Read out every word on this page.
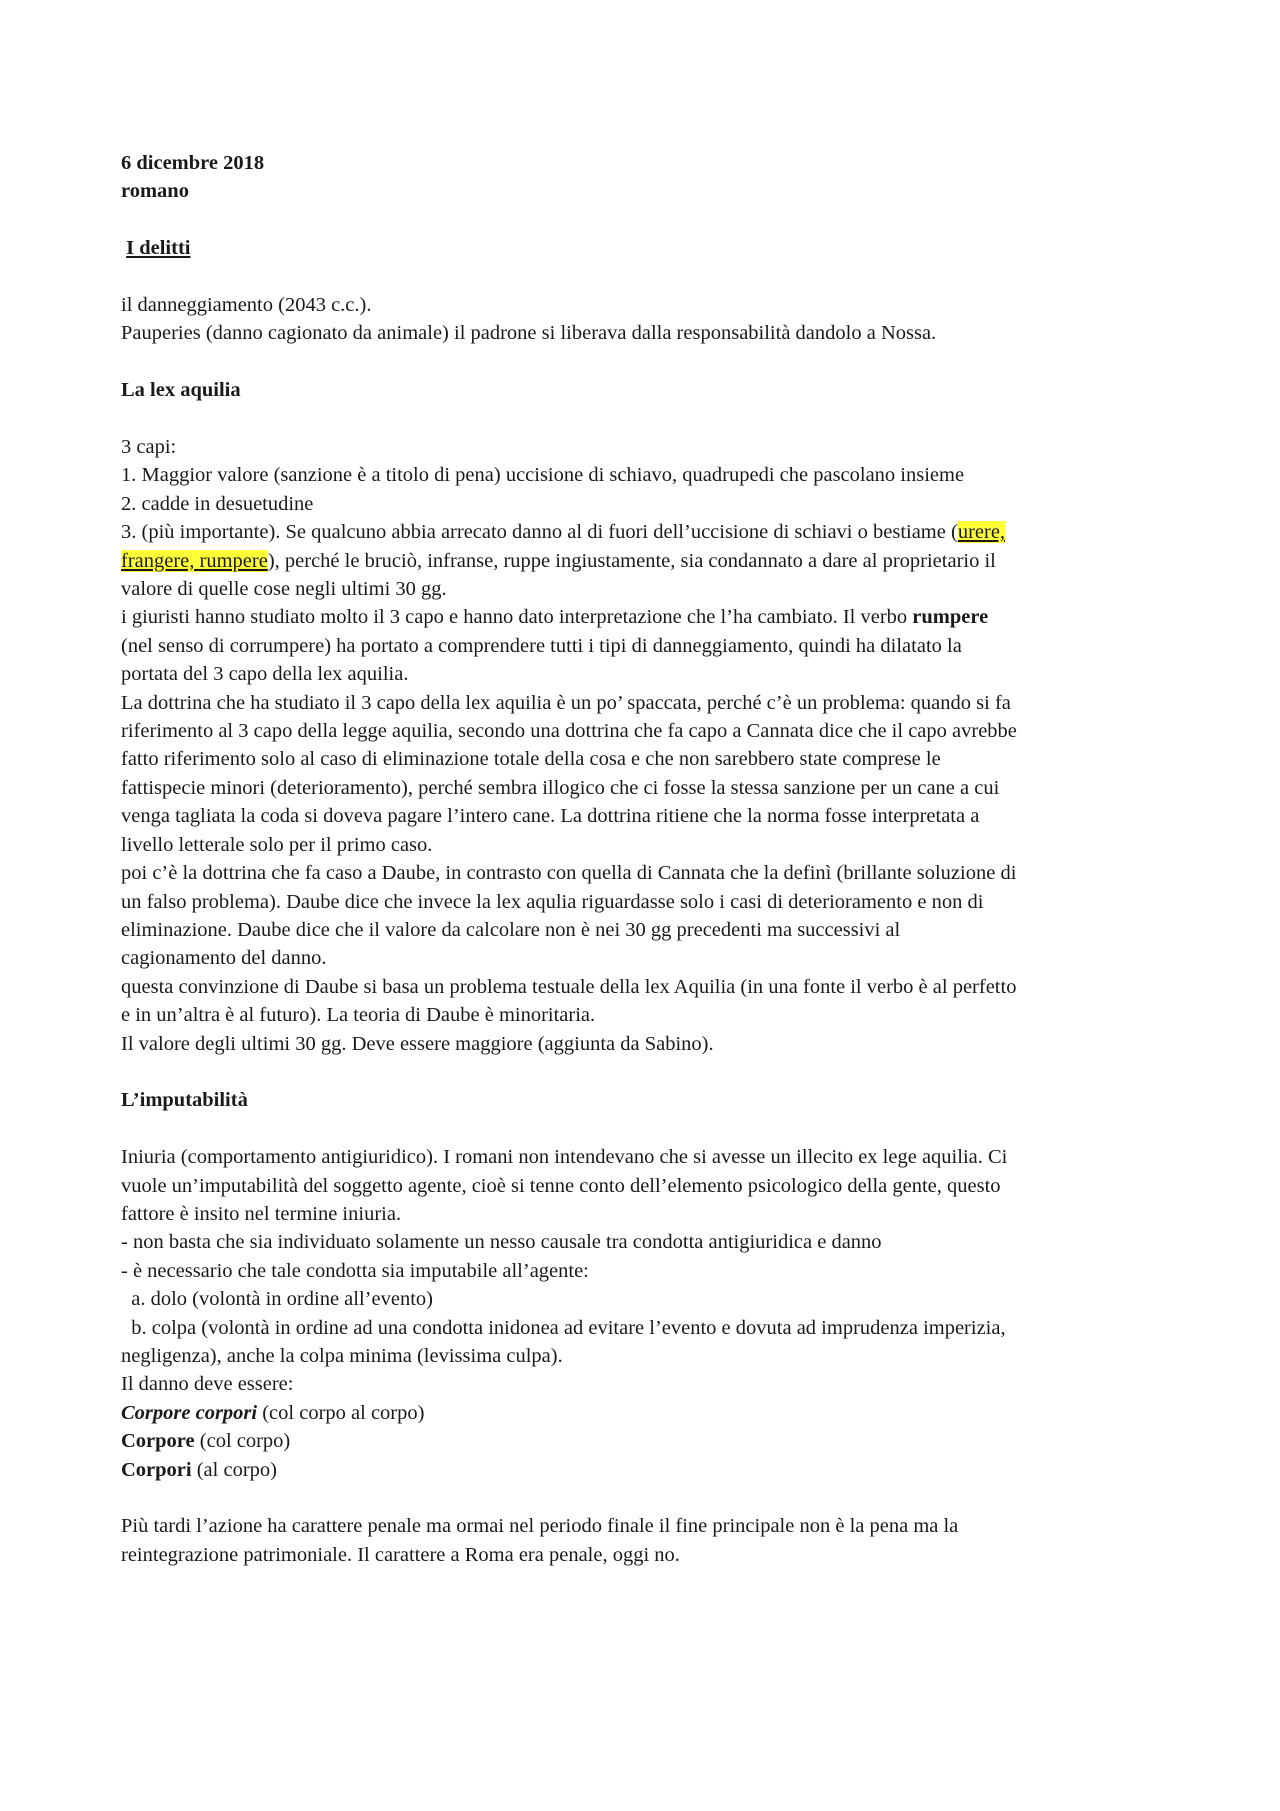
6 dicembre 2018
romano
I delitti
il danneggiamento (2043 c.c.).
Pauperies (danno cagionato da animale) il padrone si liberava dalla responsabilità dandolo a Nossa.
La lex aquilia
3 capi:
1. Maggior valore (sanzione è a titolo di pena) uccisione di schiavo, quadrupedi che pascolano insieme
2. cadde in desuetudine
3. (più importante). Se qualcuno abbia arrecato danno al di fuori dell’uccisione di schiavi o bestiame (urere,
frangere, rumpere), perché le bruciò, infranse, ruppe ingiustamente, sia condannato a dare al proprietario il
valore di quelle cose negli ultimi 30 gg.
i giuristi hanno studiato molto il 3 capo e hanno dato interpretazione che l’ha cambiato. Il verbo rumpere
(nel senso di corrumpere) ha portato a comprendere tutti i tipi di danneggiamento, quindi ha dilatato la
portata del 3 capo della lex aquilia.
La dottrina che ha studiato il 3 capo della lex aquilia è un po’ spaccata, perché c’è un problema: quando si fa
riferimento al 3 capo della legge aquilia, secondo una dottrina che fa capo a Cannata dice che il capo avrebbe
fatto riferimento solo al caso di eliminazione totale della cosa e che non sarebbero state comprese le
fattispecie minori (deterioramento), perché sembra illogico che ci fosse la stessa sanzione per un cane a cui
venga tagliata la coda si doveva pagare l’intero cane. La dottrina ritiene che la norma fosse interpretata a
livello letterale solo per il primo caso.
poi c’è la dottrina che fa caso a Daube, in contrasto con quella di Cannata che la definì (brillante soluzione di
un falso problema). Daube dice che invece la lex aqulia riguardasse solo i casi di deterioramento e non di
eliminazione. Daube dice che il valore da calcolare non è nei 30 gg precedenti ma successivi al
cagionamento del danno.
questa convinzione di Daube si basa un problema testuale della lex Aquilia (in una fonte il verbo è al perfetto
e in un’altra è al futuro). La teoria di Daube è minoritaria.
Il valore degli ultimi 30 gg. Deve essere maggiore (aggiunta da Sabino).
L’imputabilità
Iniuria (comportamento antigiuridico). I romani non intendevano che si avesse un illecito ex lege aquilia. Ci
vuole un’imputabilità del soggetto agente, cioè si tenne conto dell’elemento psicologico della gente, questo
fattore è insito nel termine iniuria.
- non basta che sia individuato solamente un nesso causale tra condotta antigiuridica e danno
- è necessario che tale condotta sia imputabile all’agente:
a. dolo (volontà in ordine all’evento)
b. colpa (volontà in ordine ad una condotta inidonea ad evitare l’evento e dovuta ad imprudenza imperizia,
negligenza), anche la colpa minima (levissima culpa).
Il danno deve essere:
Corpore corpori (col corpo al corpo)
Corpore (col corpo)
Corpori (al corpo)
Più tardi l’azione ha carattere penale ma ormai nel periodo finale il fine principale non è la pena ma la
reintegrazione patrimoniale. Il carattere a Roma era penale, oggi no.
